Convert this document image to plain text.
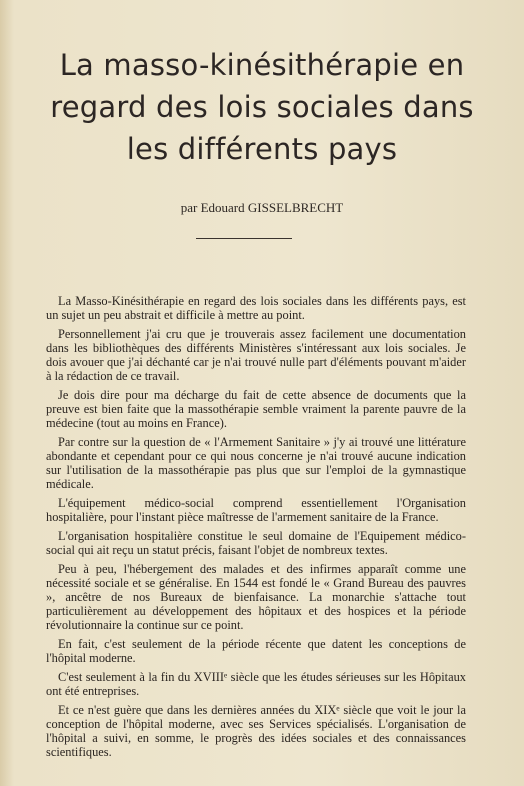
La masso-kinésithérapie en
regard des lois sociales dans
les différents pays
par Edouard GISSELBRECHT

La Masso-Kinésithérapie en regard des lois sociales dans les différents pays, est un sujet un peu abstrait et difficile à mettre au point.

Personnellement j'ai cru que je trouverais assez facilement une documentation dans les bibliothèques des différents Ministères s'intéressant aux lois sociales. Je dois avouer que j'ai déchanté car je n'ai trouvé nulle part d'éléments pouvant m'aider à la rédaction de ce travail.

Je dois dire pour ma décharge du fait de cette absence de documents que la preuve est bien faite que la massothérapie semble vraiment la parente pauvre de la médecine (tout au moins en France).

Par contre sur la question de « l'Armement Sanitaire » j'y ai trouvé une littérature abondante et cependant pour ce qui nous concerne je n'ai trouvé aucune indication sur l'utilisation de la massothérapie pas plus que sur l'emploi de la gymnastique médicale.

L'équipement médico-social comprend essentiellement l'Organisation hospitalière, pour l'instant pièce maîtresse de l'armement sanitaire de la France.

L'organisation hospitalière constitue le seul domaine de l'Equipement médico-social qui ait reçu un statut précis, faisant l'objet de nombreux textes.

Peu à peu, l'hébergement des malades et des infirmes apparaît comme une nécessité sociale et se généralise. En 1544 est fondé le « Grand Bureau des pauvres », ancêtre de nos Bureaux de bienfaisance. La monarchie s'attache tout particulièrement au développement des hôpitaux et des hospices et la période révolutionnaire la continue sur ce point.

En fait, c'est seulement de la période récente que datent les conceptions de l'hôpital moderne.

C'est seulement à la fin du XVIIIᵉ siècle que les études sérieuses sur les Hôpitaux ont été entreprises.

Et ce n'est guère que dans les dernières années du XIXᵉ siècle que voit le jour la conception de l'hôpital moderne, avec ses Services spécialisés. L'organisation de l'hôpital a suivi, en somme, le progrès des idées sociales et des connaissances scientifiques.
